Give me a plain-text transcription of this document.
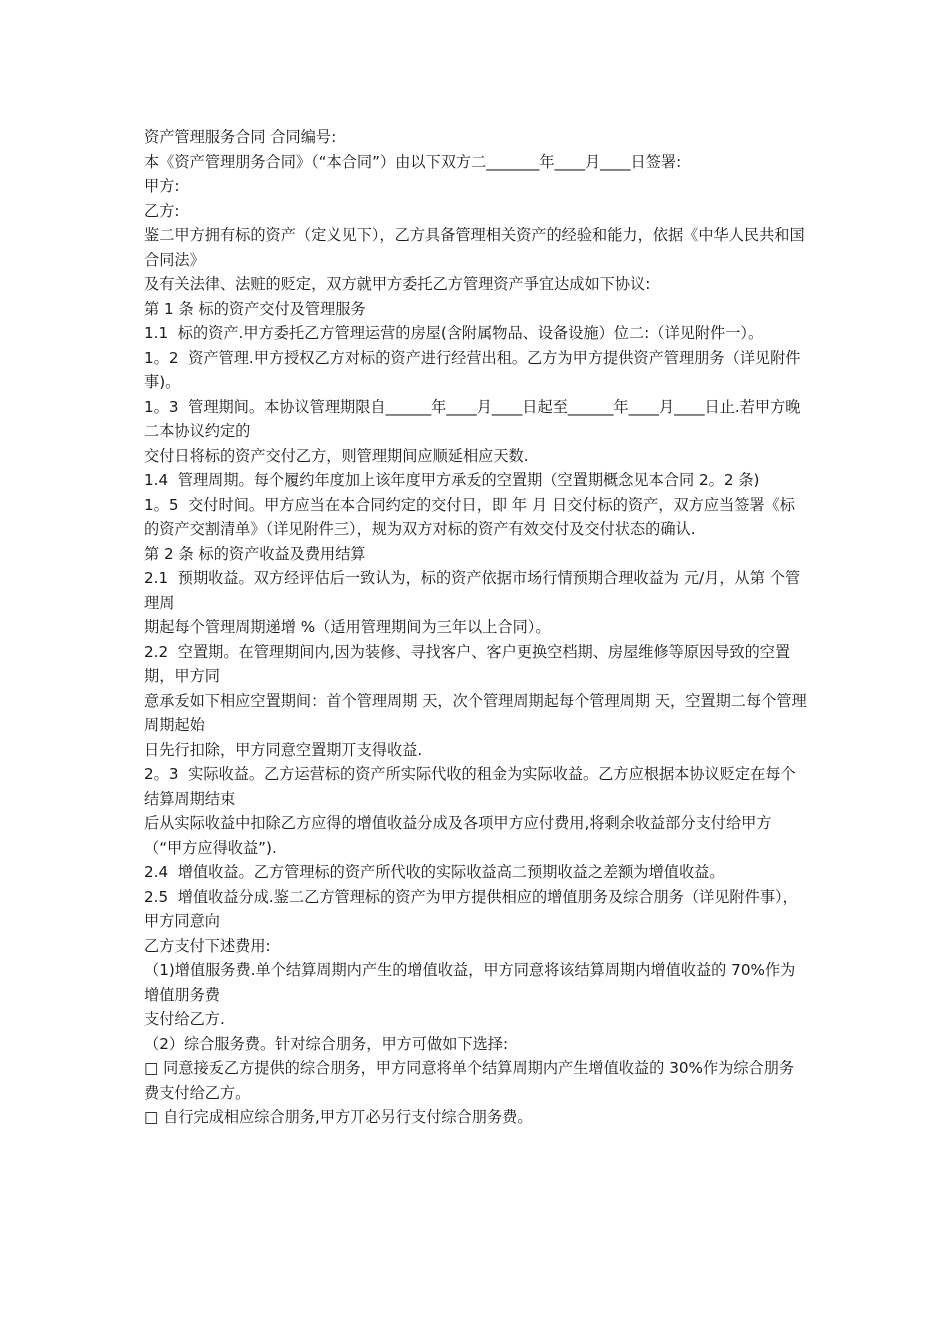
资产管理服务合同 合同编号:

本《资产管理朋务合同》（“本合同”）由以下双方二_______年____月____日签署:

甲方:

乙方:

鉴二甲方拥有标的资产（定义见下），乙方具备管理相关资产的经验和能力，依据《中华人民共和国合同法》

及有关法律、法赃的贬定，双方就甲方委托乙方管理资产爭宜达成如下协议:

第 1 条 标的资产交付及管理服务

1.1  标的资产.甲方委托乙方管理运营的房屋(含附属物品、设备设施）位二:（详见附件一）。

1。2  资产管理.甲方授权乙方对标的资产进行经营出租。乙方为甲方提供资产管理朋务（详见附件事)。

1。3  管理期间。本协议管理期限自______年____月____日起至______年____月____日止.若甲方晚二本协议约定的

交付日将标的资产交付乙方，则管理期间应顺延相应天数.

1.4  管理周期。每个履约年度加上该年度甲方承叐的空置期（空置期概念见本合同 2。2 条)

1。5  交付时间。甲方应当在本合同约定的交付日，即 年 月 日交付标的资产，双方应当签署《标

的资产交割清单》（详见附件三），规为双方对标的资产有效交付及交付状态的确认.

第 2 条 标的资产收益及费用结算

2.1  预期收益。双方经评估后一致认为，标的资产依据市场行情预期合理收益为 元/月，从第 个管理周

期起每个管理周期递增 %（适用管理期间为三年以上合同）。

2.2  空置期。在管理期间内,因为装修、寻找客户、客户更换空档期、房屋维修等原因导致的空置期，甲方同

意承叐如下相应空置期间：首个管理周期 天，次个管理周期起每个管理周期 天，空置期二每个管理周期起始

日先行扣除，甲方同意空置期丌支得收益.

2。3  实际收益。乙方运营标的资产所实际代收的租金为实际收益。乙方应根据本协议贬定在每个结算周期结束

后从实际收益中扣除乙方应得的增值收益分成及各项甲方应付费用,将剩余收益部分支付给甲方（“甲方应得收益”).

2.4  增值收益。乙方管理标的资产所代收的实际收益高二预期收益之差额为增值收益。

2.5  增值收益分成.鉴二乙方管理标的资产为甲方提供相应的增值朋务及综合朋务（详见附件事），甲方同意向

乙方支付下述费用:

（1)增值服务费.单个结算周期内产生的增值收益，甲方同意将该结算周期内增值收益的 70%作为增值朋务费

支付给乙方.

（2）综合服务费。针对综合朋务，甲方可做如下选择:

□ 同意接叐乙方提供的综合朋务，甲方同意将单个结算周期内产生增值收益的 30%作为综合朋务费支付给乙方。

□ 自行完成相应综合朋务,甲方丌必另行支付综合朋务费。
